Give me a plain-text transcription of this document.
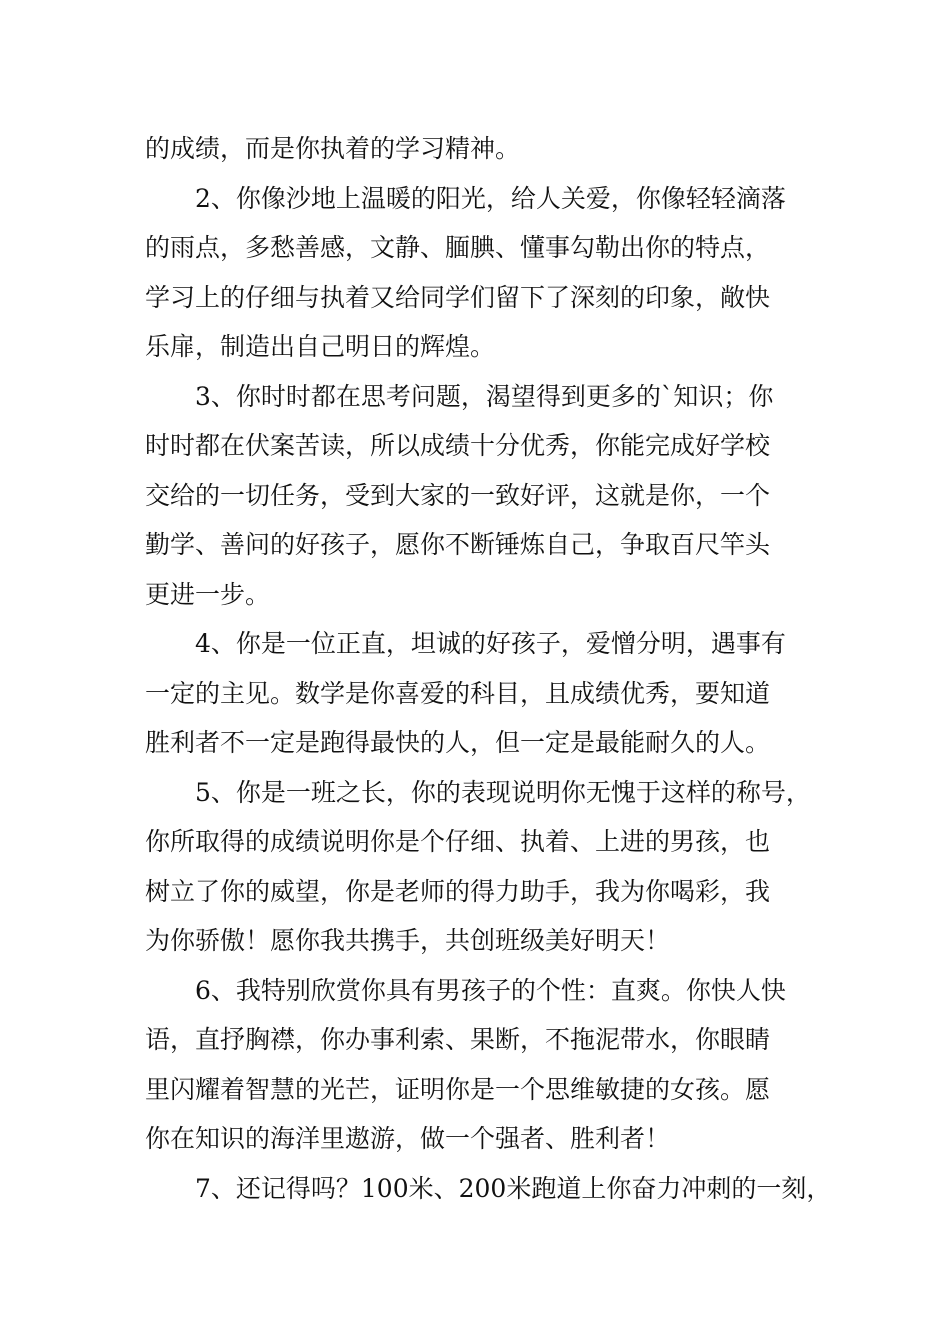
的成绩，而是你执着的学习精神。

2、你像沙地上温暖的阳光，给人关爱，你像轻轻滴落
的雨点，多愁善感，文静、腼腆、懂事勾勒出你的特点，
学习上的仔细与执着又给同学们留下了深刻的印象，敞快
乐扉，制造出自己明日的辉煌。

3、你时时都在思考问题，渴望得到更多的`知识；你
时时都在伏案苦读，所以成绩十分优秀，你能完成好学校
交给的一切任务，受到大家的一致好评，这就是你，一个
勤学、善问的好孩子，愿你不断锤炼自己，争取百尺竿头
更进一步。

4、你是一位正直，坦诚的好孩子，爱憎分明，遇事有
一定的主见。数学是你喜爱的科目，且成绩优秀，要知道
胜利者不一定是跑得最快的人，但一定是最能耐久的人。

5、你是一班之长，你的表现说明你无愧于这样的称号，
你所取得的成绩说明你是个仔细、执着、上进的男孩，也
树立了你的威望，你是老师的得力助手，我为你喝彩，我
为你骄傲！愿你我共携手，共创班级美好明天！

6、我特别欣赏你具有男孩子的个性：直爽。你快人快
语，直抒胸襟，你办事利索、果断，不拖泥带水，你眼睛
里闪耀着智慧的光芒，证明你是一个思维敏捷的女孩。愿
你在知识的海洋里遨游，做一个强者、胜利者！

7、还记得吗？100米、200米跑道上你奋力冲刺的一刻，
